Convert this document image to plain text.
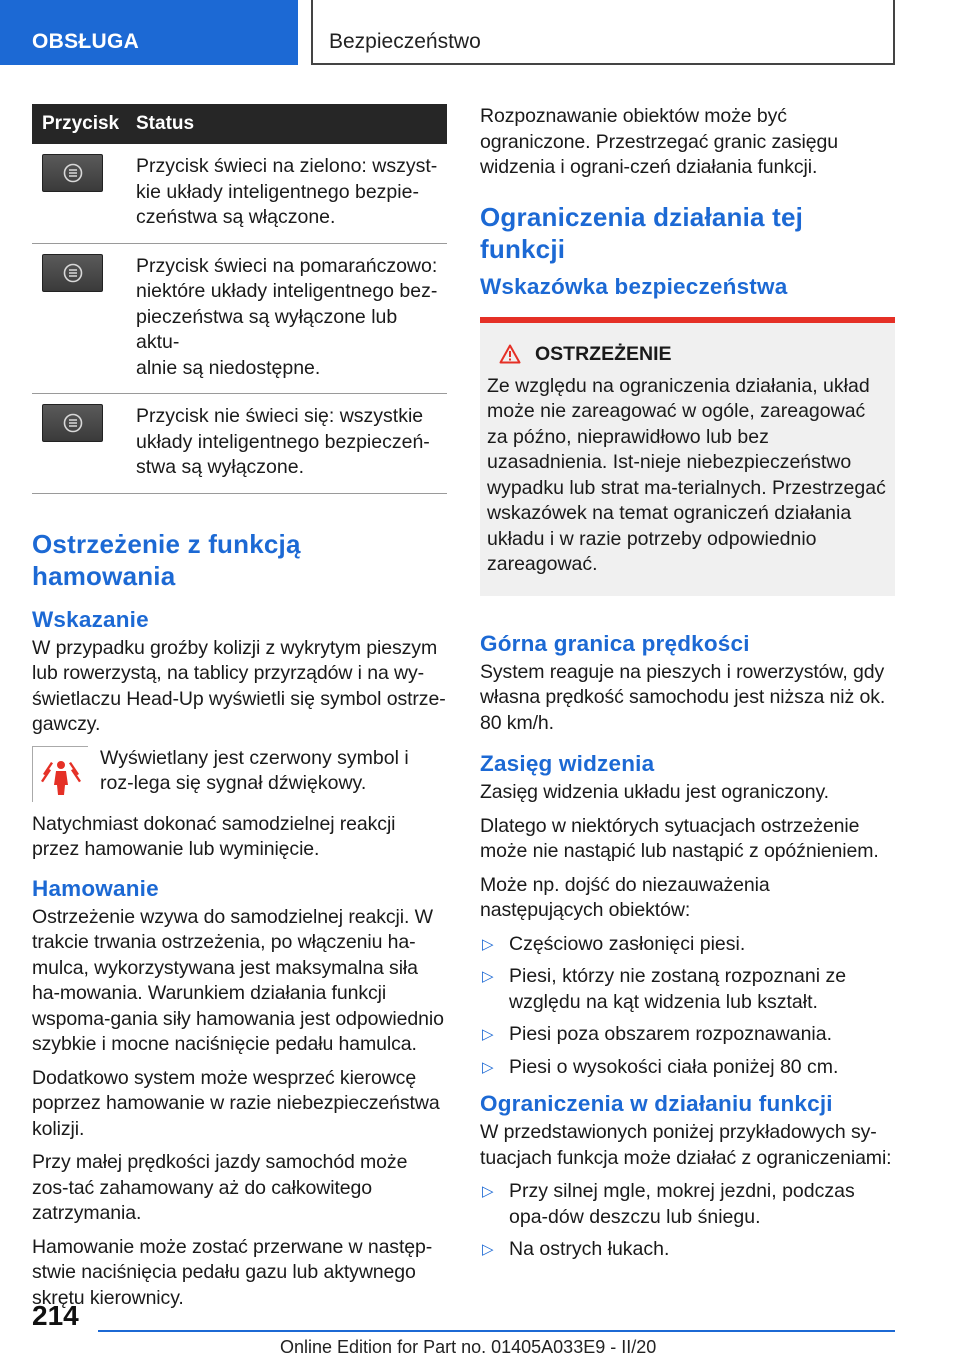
OBSŁUGA	Bezpieczeństwo
Przycisk	Status

	Przycisk świeci na zielono: wszyst-
kie układy inteligentnego bezpie-
czeństwa są włączone.

	Przycisk świeci na pomarańczowo:
niektóre układy inteligentnego bez-
pieczeństwa są wyłączone lub aktu-
alnie są niedostępne.

	Przycisk nie świeci się: wszystkie
układy inteligentnego bezpieczeń-
stwa są wyłączone.
Ostrzeżenie z funkcją hamowania
Wskazanie

W przypadku groźby kolizji z wykrytym pieszym lub rowerzystą, na tablicy przyrządów i na wy-świetlaczu Head-Up wyświetli się symbol ostrze-gawczy.

Wyświetlany jest czerwony symbol i roz-lega się sygnał dźwiękowy.

Natychmiast dokonać samodzielnej reakcji przez hamowanie lub wyminięcie.

Hamowanie

Ostrzeżenie wzywa do samodzielnej reakcji. W trakcie trwania ostrzeżenia, po włączeniu ha-mulca, wykorzystywana jest maksymalna siła ha-mowania. Warunkiem działania funkcji wspoma-gania siły hamowania jest odpowiednio szybkie i mocne naciśnięcie pedału hamulca.

Dodatkowo system może wesprzeć kierowcę poprzez hamowanie w razie niebezpieczeństwa kolizji.

Przy małej prędkości jazdy samochód może zos-tać zahamowany aż do całkowitego zatrzymania.

Hamowanie może zostać przerwane w następ-stwie naciśnięcia pedału gazu lub aktywnego skrętu kierownicy.

Rozpoznawanie obiektów może być ograniczone. Przestrzegać granic zasięgu widzenia i ograni-czeń działania funkcji.

Ograniczenia działania tej funkcji
Wskazówka bezpieczeństwa
OSTRZEŻENIE

Ze względu na ograniczenia działania, układ może nie zareagować w ogóle, zareagować za późno, nieprawidłowo lub bez uzasadnienia. Ist-nieje niebezpieczeństwo wypadku lub strat ma-terialnych. Przestrzegać wskazówek na temat ograniczeń działania układu i w razie potrzeby odpowiednio zareagować.

Górna granica prędkości

System reaguje na pieszych i rowerzystów, gdy własna prędkość samochodu jest niższa niż ok. 80 km/h.

Zasięg widzenia

Zasięg widzenia układu jest ograniczony.

Dlatego w niektórych sytuacjach ostrzeżenie może nie nastąpić lub nastąpić z opóźnieniem.

Może np. dojść do niezauważenia następujących obiektów:

▷ Częściowo zasłonięci piesi.
▷ Piesi, którzy nie zostaną rozpoznani ze względu na kąt widzenia lub kształt.
▷ Piesi poza obszarem rozpoznawania.
▷ Piesi o wysokości ciała poniżej 80 cm.
Ograniczenia w działaniu funkcji

W przedstawionych poniżej przykładowych sy-tuacjach funkcja może działać z ograniczeniami:

▷ Przy silnej mgle, mokrej jezdni, podczas opa-dów deszczu lub śniegu.
▷ Na ostrych łukach.
214
Online Edition for Part no. 01405A033E9 - II/20
